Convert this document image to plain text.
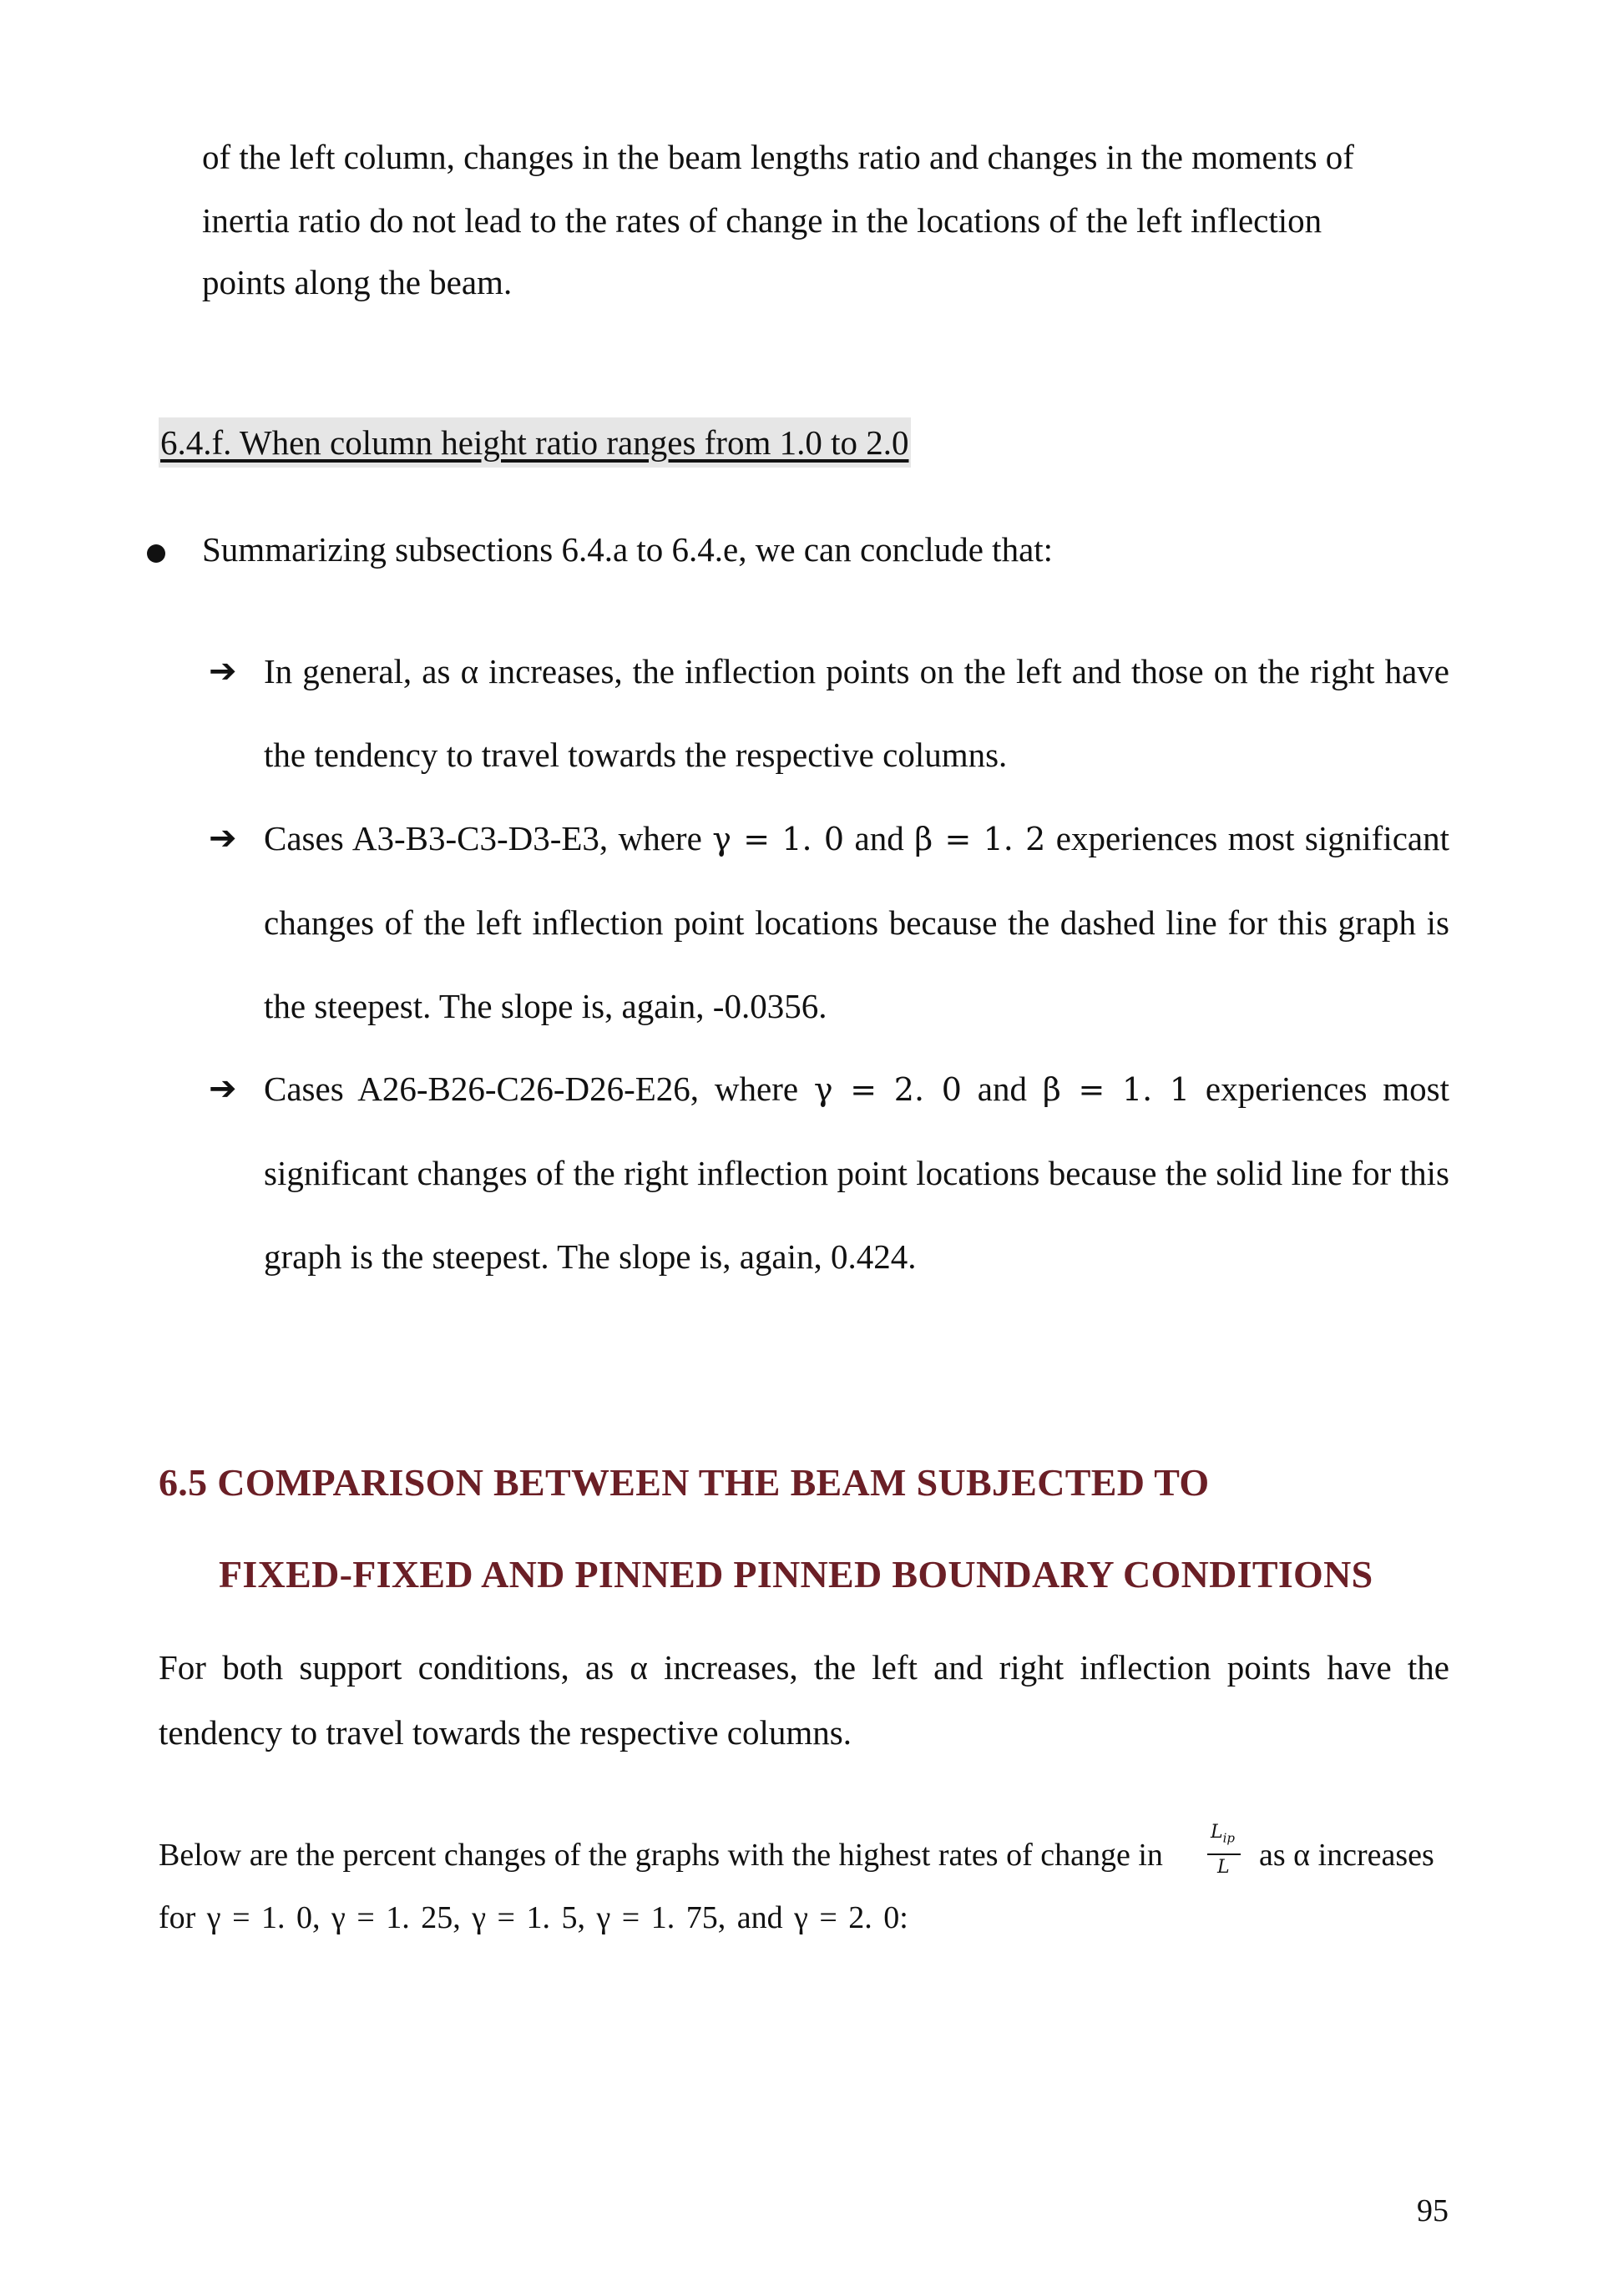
of the left column, changes in the beam lengths ratio and changes in the moments of
inertia ratio do not lead to the rates of change in the locations of the left inflection
points along the beam.
6.4.f. When column height ratio ranges from 1.0 to 2.0
Summarizing subsections 6.4.a to 6.4.e, we can conclude that:
➔ In general, as α increases, the inflection points on the left and those on the right have the tendency to travel towards the respective columns.

➔ Cases A3-B3-C3-D3-E3, where γ = 1. 0 and β = 1. 2 experiences most significant changes of the left inflection point locations because the dashed line for this graph is the steepest. The slope is, again, -0.0356.

➔ Cases A26-B26-C26-D26-E26, where γ = 2. 0 and β = 1. 1 experiences most significant changes of the right inflection point locations because the solid line for this graph is the steepest. The slope is, again, 0.424.

6.5 COMPARISON BETWEEN THE BEAM SUBJECTED TO
FIXED-FIXED AND PINNED PINNED BOUNDARY CONDITIONS

For both support conditions, as α increases, the left and right inflection points have the tendency to travel towards the respective columns.

Below are the percent changes of the graphs with the highest rates of change in
$L_{ip}$
L as α increases
for γ = 1. 0, γ = 1. 25, γ = 1. 5, γ = 1. 75, and γ = 2. 0:
95
